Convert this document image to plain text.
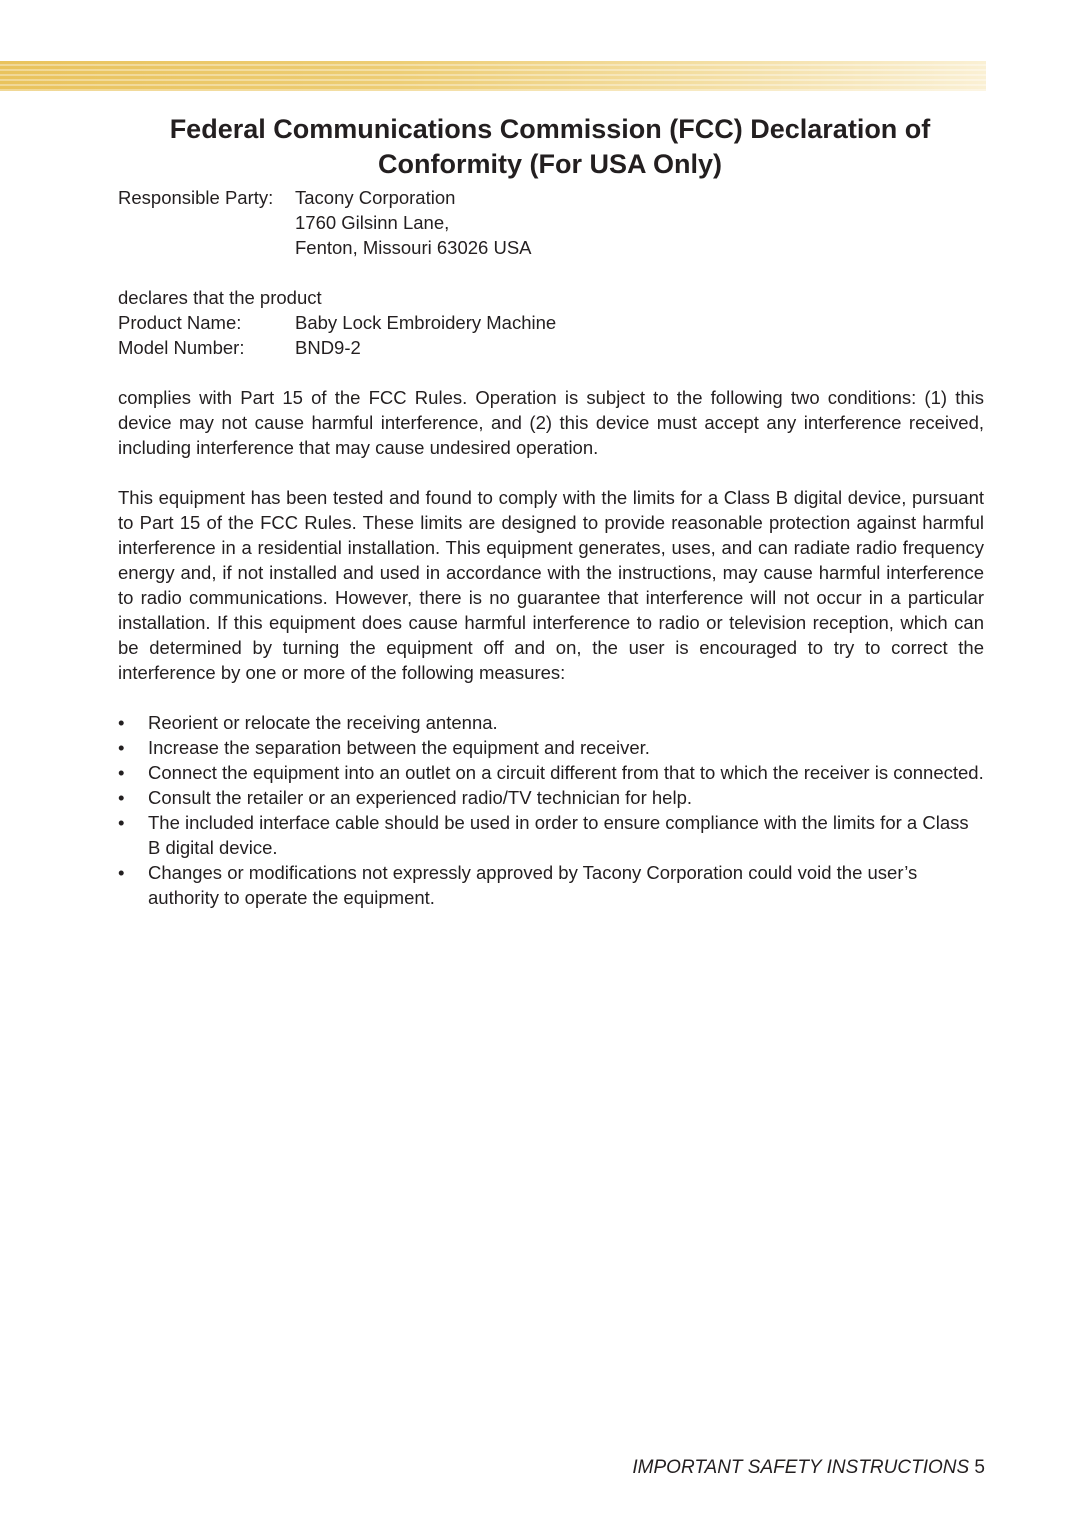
Federal Communications Commission (FCC) Declaration of
Conformity (For USA Only)
Responsible Party:	Tacony Corporation
1760 Gilsinn Lane,
Fenton, Missouri 63026 USA
declares that the product
Product Name:	Baby Lock Embroidery Machine
Model Number:	BND9-2

complies with Part 15 of the FCC Rules. Operation is subject to the following two conditions: (1) this device may not cause harmful interference, and (2) this device must accept any interference received, including interference that may cause undesired operation.

This equipment has been tested and found to comply with the limits for a Class B digital device, pursuant to Part 15 of the FCC Rules. These limits are designed to provide reasonable protection against harmful interference in a residential installation. This equipment generates, uses, and can radiate radio frequency energy and, if not installed and used in accordance with the instructions, may cause harmful interference to radio communications. However, there is no guarantee that interference will not occur in a particular installation. If this equipment does cause harmful interference to radio or television reception, which can be determined by turning the equipment off and on, the user is encouraged to try to correct the interference by one or more of the following measures:

• Reorient or relocate the receiving antenna.
• Increase the separation between the equipment and receiver.
• Connect the equipment into an outlet on a circuit different from that to which the receiver is connected.
• Consult the retailer or an experienced radio/TV technician for help.
• The included interface cable should be used in order to ensure compliance with the limits for a Class B digital device.
• Changes or modifications not expressly approved by Tacony Corporation could void the user’s authority to operate the equipment.
IMPORTANT SAFETY INSTRUCTIONS 5
